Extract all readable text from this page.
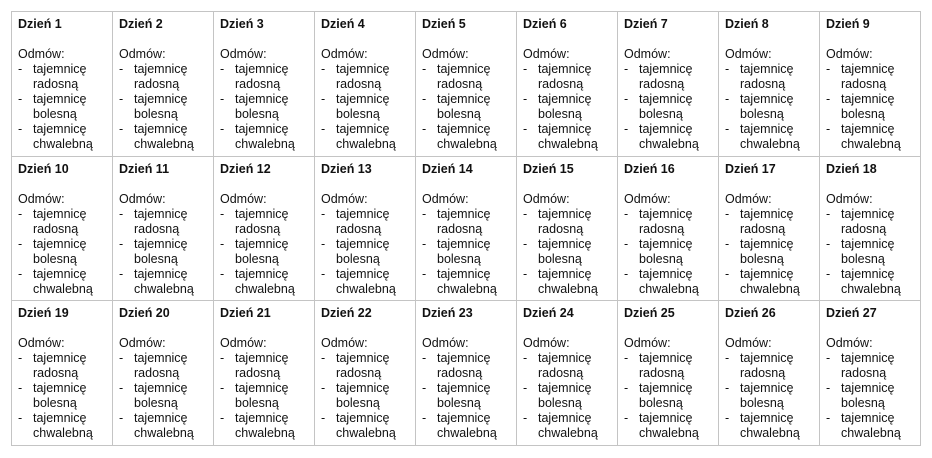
Dzień 1
Odmów:
- tajemnicę radosną
- tajemnicę bolesną
- tajemnicę chwalebną
Dzień 2
Odmów:
- tajemnicę radosną
- tajemnicę bolesną
- tajemnicę chwalebną
Dzień 3
Odmów:
- tajemnicę radosną
- tajemnicę bolesną
- tajemnicę chwalebną
Dzień 4
Odmów:
- tajemnicę radosną
- tajemnicę bolesną
- tajemnicę chwalebną
Dzień 5
Odmów:
- tajemnicę radosną
- tajemnicę bolesną
- tajemnicę chwalebną
Dzień 6
Odmów:
- tajemnicę radosną
- tajemnicę bolesną
- tajemnicę chwalebną
Dzień 7
Odmów:
- tajemnicę radosną
- tajemnicę bolesną
- tajemnicę chwalebną
Dzień 8
Odmów:
- tajemnicę radosną
- tajemnicę bolesną
- tajemnicę chwalebną
Dzień 9
Odmów:
- tajemnicę radosną
- tajemnicę bolesną
- tajemnicę chwalebną
Dzień 10
Odmów:
- tajemnicę radosną
- tajemnicę bolesną
- tajemnicę chwalebną
Dzień 11
Odmów:
- tajemnicę radosną
- tajemnicę bolesną
- tajemnicę chwalebną
Dzień 12
Odmów:
- tajemnicę radosną
- tajemnicę bolesną
- tajemnicę chwalebną
Dzień 13
Odmów:
- tajemnicę radosną
- tajemnicę bolesną
- tajemnicę chwalebną
Dzień 14
Odmów:
- tajemnicę radosną
- tajemnicę bolesną
- tajemnicę chwalebną
Dzień 15
Odmów:
- tajemnicę radosną
- tajemnicę bolesną
- tajemnicę chwalebną
Dzień 16
Odmów:
- tajemnicę radosną
- tajemnicę bolesną
- tajemnicę chwalebną
Dzień 17
Odmów:
- tajemnicę radosną
- tajemnicę bolesną
- tajemnicę chwalebną
Dzień 18
Odmów:
- tajemnicę radosną
- tajemnicę bolesną
- tajemnicę chwalebną
Dzień 19
Odmów:
- tajemnicę radosną
- tajemnicę bolesną
- tajemnicę chwalebną
Dzień 20
Odmów:
- tajemnicę radosną
- tajemnicę bolesną
- tajemnicę chwalebną
Dzień 21
Odmów:
- tajemnicę radosną
- tajemnicę bolesną
- tajemnicę chwalebną
Dzień 22
Odmów:
- tajemnicę radosną
- tajemnicę bolesną
- tajemnicę chwalebną
Dzień 23
Odmów:
- tajemnicę radosną
- tajemnicę bolesną
- tajemnicę chwalebną
Dzień 24
Odmów:
- tajemnicę radosną
- tajemnicę bolesną
- tajemnicę chwalebną
Dzień 25
Odmów:
- tajemnicę radosną
- tajemnicę bolesną
- tajemnicę chwalebną
Dzień 26
Odmów:
- tajemnicę radosną
- tajemnicę bolesną
- tajemnicę chwalebną
Dzień 27
Odmów:
- tajemnicę radosną
- tajemnicę bolesną
- tajemnicę chwalebną
